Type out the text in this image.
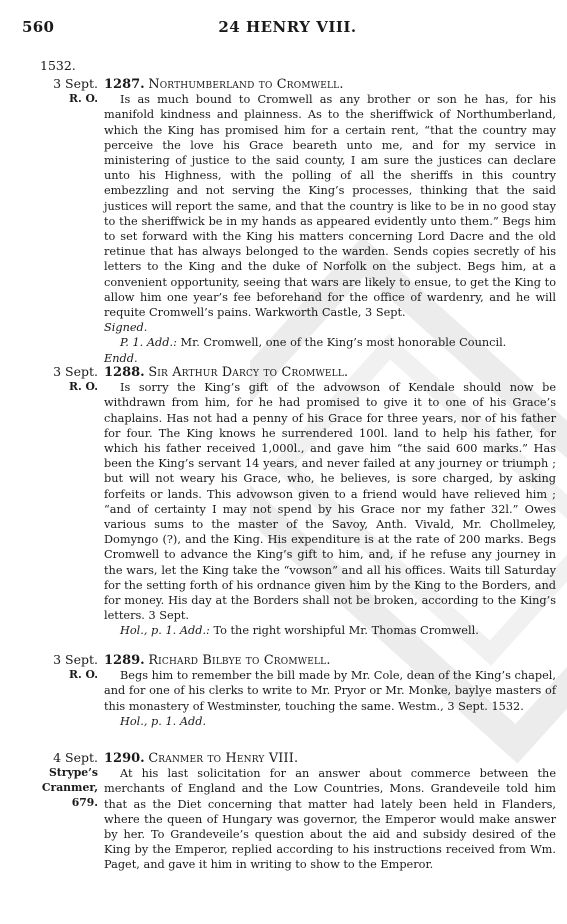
560	24 HENRY VIII.
1532.
3 Sept.
R. O.
1287. Northumberland to Cromwell.
Is as much bound to Cromwell as any brother or son he has, for his manifold kindness and plainness. As to the sheriffwick of Northumberland, which the King has promised him for a certain rent, “that the country may perceive the love his Grace beareth unto me, and for my service in ministering of justice to the said county, I am sure the justices can declare unto his Highness, with the polling of all the sheriffs in this country embezzling and not serving the King’s processes, thinking that the said justices will report the same, and that the country is like to be in no good stay to the sheriffwick be in my hands as appeared evidently unto them.” Begs him to set forward with the King his matters concerning Lord Dacre and the old retinue that has always belonged to the warden. Sends copies secretly of his letters to the King and the duke of Norfolk on the subject. Begs him, at a convenient opportunity, seeing that wars are likely to ensue, to get the King to allow him one year’s fee beforehand for the office of wardenry, and he will requite Cromwell’s pains. Warkworth Castle, 3 Sept.
Signed.
P. 1. Add.: Mr. Cromwell, one of the King’s most honorable Council.
Endd.
3 Sept.
R. O.
1288. Sir Arthur Darcy to Cromwell.
Is sorry the King’s gift of the advowson of Kendale should now be withdrawn from him, for he had promised to give it to one of his Grace’s chaplains. Has not had a penny of his Grace for three years, nor of his father for four. The King knows he surrendered 100l. land to help his father, for which his father received 1,000l., and gave him “the said 600 marks.” Has been the King’s servant 14 years, and never failed at any journey or triumph ; but will not weary his Grace, who, he believes, is sore charged, by asking forfeits or lands. This advowson given to a friend would have relieved him ; “and of certainty I may not spend by his Grace nor my father 32l.” Owes various sums to the master of the Savoy, Anth. Vivald, Mr. Chollmeley, Domyngo (?), and the King. His expenditure is at the rate of 200 marks. Begs Cromwell to advance the King’s gift to him, and, if he refuse any journey in the wars, let the King take the “vowson” and all his offices. Waits till Saturday for the setting forth of his ordnance given him by the King to the Borders, and for money. His day at the Borders shall not be broken, according to the King’s letters. 3 Sept.
Hol., p. 1. Add.: To the right worshipful Mr. Thomas Cromwell.
3 Sept.
R. O.
1289. Richard Bilbye to Cromwell.
Begs him to remember the bill made by Mr. Cole, dean of the King’s chapel, and for one of his clerks to write to Mr. Pryor or Mr. Monke, baylye masters of this monastery of Westminster, touching the same. Westm., 3 Sept. 1532.
Hol., p. 1. Add.
4 Sept.
Strype’s Cranmer, 679.
1290. Cranmer to Henry VIII.
At his last solicitation for an answer about commerce between the merchants of England and the Low Countries, Mons. Grandeveile told him that as the Diet concerning that matter had lately been held in Flanders, where the queen of Hungary was governor, the Emperor would make answer by her. To Grandeveile’s question about the aid and subsidy desired of the King by the Emperor, replied according to his instructions received from Wm. Paget, and gave it him in writing to show to the Emperor.
